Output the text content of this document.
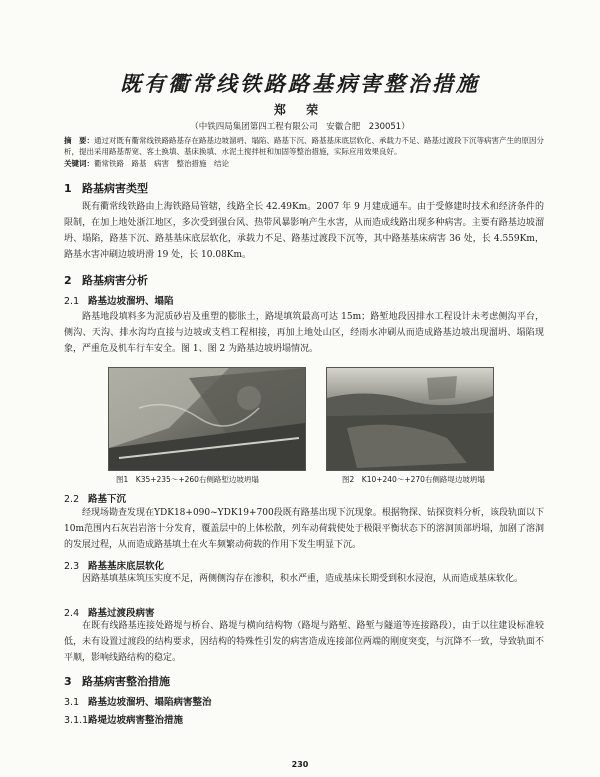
既有衢常线铁路路基病害整治措施
郑 荣
（中铁四局集团第四工程有限公司　安徽合肥　230051）
摘　要：通过对既有衢常线铁路路基存在路基边坡溜坍、塌陷、路基下沉、路基基床底层软化、承载力不足、路基过渡段下沉等病害产生的原因分析，提出采用路基帮宽、客土换填、基床换填、水泥土搅拌桩和加固等整治措施，实际应用效果良好。
关键词：衢常铁路　路基　病害　整治措施　结论
1 路基病害类型
既有衢常线铁路由上海铁路局管辖，线路全长 42.49Km。2007 年 9 月建成通车。由于受修建时技术和经济条件的限制，在加上地处浙江地区，多次受到强台风、热带风暴影响产生水害，从而造成线路出现多种病害。主要有路基边坡溜坍、塌陷，路基下沉、路基基床底层软化，承载力不足、路基过渡段下沉等，其中路基基床病害 36 处，长 4.559Km，路基水害冲刷边坡坍滑 19 处，长 10.08Km。
2 路基病害分析
2.1 路基边坡溜坍、塌陷
路基地段填料多为泥质砂岩及重塑的膨胀土，路堤填筑最高可达 15m；路堑地段因排水工程设计未考虑侧沟平台，侧沟、天沟、排水沟均直接与边坡或支档工程相接，再加上地处山区，经雨水冲刷从而造成路基边坡出现溜坍、塌陷现象，严重危及机车行车安全。图 1、图 2 为路基边坡坍塌情况。
图1　K35+235～+260右侧路堑边坡坍塌	图2　K10+240～+270右侧路堤边坡坍塌
2.2 路基下沉
经现场勘查发现在YDK18+090~YDK19+700段既有路基出现下沉现象。根据物探、钻探资料分析，该段轨面以下10m范围内石灰岩岩溶十分发育，覆盖层中的上体松散，列车动荷载使处于极限平衡状态下的溶洞顶部坍塌，加剧了溶洞的发展过程，从而造成路基填土在火车频繁动荷载的作用下发生明显下沉。
2.3 路基基床底层软化
因路基填基床筑压实度不足，两侧侧沟存在渗积，积水严重，造成基床长期受到积水浸泡，从而造成基床软化。
2.4 路基过渡段病害
在既有线路基连接处路堤与桥台、路堤与横向结构物（路堤与路堑、路堑与隧道等连接路段），由于以往建设标准较低，未有设置过渡段的结构要求，因结构的特殊性引发的病害造成连接部位两端的刚度突变，与沉降不一致，导致轨面不平顺，影响线路结构的稳定。
3 路基病害整治措施
3.1 路基边坡溜坍、塌陷病害整治
3.1.1路堤边坡病害整治措施
230
